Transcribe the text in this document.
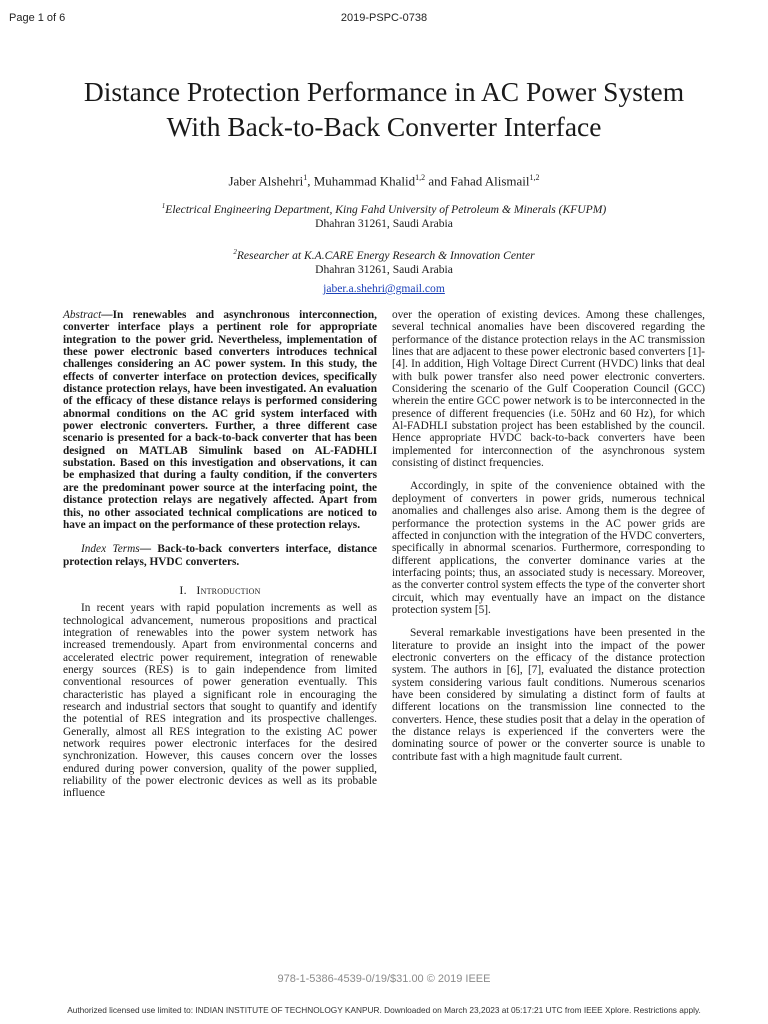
Page 1 of 6	2019-PSPC-0738
Distance Protection Performance in AC Power System
With Back-to-Back Converter Interface
Jaber Alshehri$^1$, Muhammad Khalid$^{1,2}$ and Fahad Alismail$^{1,2}$
$^1$Electrical Engineering Department, King Fahd University of Petroleum & Minerals (KFUPM)
Dhahran 31261, Saudi Arabia
$^2$Researcher at K.A.CARE Energy Research & Innovation Center
Dhahran 31261, Saudi Arabia
jaber.a.shehri@gmail.com

Abstract—In renewables and asynchronous interconnection, converter interface plays a pertinent role for appropriate integration to the power grid. Nevertheless, implementation of these power electronic based converters introduces technical challenges considering an AC power system. In this study, the effects of converter interface on protection devices, specifically distance protection relays, have been investigated. An evaluation of the efficacy of these distance relays is performed considering abnormal conditions on the AC grid system interfaced with power electronic converters. Further, a three different case scenario is presented for a back-to-back converter that has been designed on MATLAB Simulink based on AL-FADHLI substation. Based on this investigation and observations, it can be emphasized that during a faulty condition, if the converters are the predominant power source at the interfacing point, the distance protection relays are negatively affected. Apart from this, no other associated technical complications are noticed to have an impact on the performance of these protection relays.

Index Terms— Back-to-back converters interface, distance protection relays, HVDC converters.

I. Introduction

In recent years with rapid population increments as well as technological advancement, numerous propositions and practical integration of renewables into the power system network has increased tremendously. Apart from environmental concerns and accelerated electric power requirement, integration of renewable energy sources (RES) is to gain independence from limited conventional resources of power generation eventually. This characteristic has played a significant role in encouraging the research and industrial sectors that sought to quantify and identify the potential of RES integration and its prospective challenges. Generally, almost all RES integration to the existing AC power network requires power electronic interfaces for the desired synchronization. However, this causes concern over the losses endured during power conversion, quality of the power supplied, reliability of the power electronic devices as well as its probable influence

over the operation of existing devices. Among these challenges, several technical anomalies have been discovered regarding the performance of the distance protection relays in the AC transmission lines that are adjacent to these power electronic based converters [1]-[4]. In addition, High Voltage Direct Current (HVDC) links that deal with bulk power transfer also need power electronic converters. Considering the scenario of the Gulf Cooperation Council (GCC) wherein the entire GCC power network is to be interconnected in the presence of different frequencies (i.e. 50Hz and 60 Hz), for which Al-FADHLI substation project has been established by the council. Hence appropriate HVDC back-to-back converters have been implemented for interconnection of the asynchronous system consisting of distinct frequencies.

Accordingly, in spite of the convenience obtained with the deployment of converters in power grids, numerous technical anomalies and challenges also arise. Among them is the degree of performance the protection systems in the AC power grids are affected in conjunction with the integration of the HVDC converters, specifically in abnormal scenarios. Furthermore, corresponding to different applications, the converter dominance varies at the interfacing points; thus, an associated study is necessary. Moreover, as the converter control system effects the type of the converter short circuit, which may eventually have an impact on the distance protection system [5].

Several remarkable investigations have been presented in the literature to provide an insight into the impact of the power electronic converters on the efficacy of the distance protection system. The authors in [6], [7], evaluated the distance protection system considering various fault conditions. Numerous scenarios have been considered by simulating a distinct form of faults at different locations on the transmission line connected to the converters. Hence, these studies posit that a delay in the operation of the distance relays is experienced if the converters were the dominating source of power or the converter source is unable to contribute fast with a high magnitude fault current.

978-1-5386-4539-0/19/$31.00 © 2019 IEEE
Authorized licensed use limited to: INDIAN INSTITUTE OF TECHNOLOGY KANPUR. Downloaded on March 23,2023 at 05:17:21 UTC from IEEE Xplore. Restrictions apply.
